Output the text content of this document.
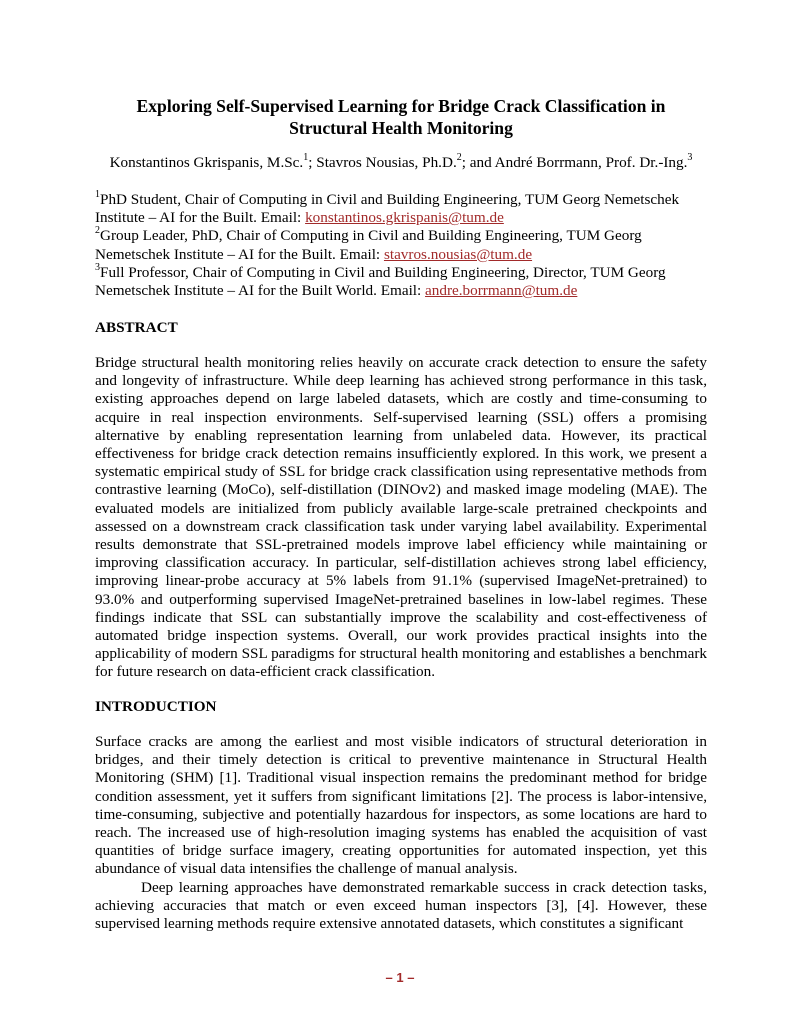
Exploring Self-Supervised Learning for Bridge Crack Classification in
Structural Health Monitoring
Konstantinos Gkrispanis, M.Sc.$^1$; Stavros Nousias, Ph.D.$^2$; and André Borrmann, Prof. Dr.-Ing.$^3$

$^1$PhD Student, Chair of Computing in Civil and Building Engineering, TUM Georg Nemetschek Institute – AI for the Built. Email: konstantinos.gkrispanis@tum.de

$^2$Group Leader, PhD, Chair of Computing in Civil and Building Engineering, TUM Georg Nemetschek Institute – AI for the Built. Email: stavros.nousias@tum.de

$^3$Full Professor, Chair of Computing in Civil and Building Engineering, Director, TUM Georg Nemetschek Institute – AI for the Built World. Email: andre.borrmann@tum.de

ABSTRACT

Bridge structural health monitoring relies heavily on accurate crack detection to ensure the safety and longevity of infrastructure. While deep learning has achieved strong performance in this task, existing approaches depend on large labeled datasets, which are costly and time-consuming to acquire in real inspection environments. Self-supervised learning (SSL) offers a promising alternative by enabling representation learning from unlabeled data. However, its practical effectiveness for bridge crack detection remains insufficiently explored. In this work, we present a systematic empirical study of SSL for bridge crack classification using representative methods from contrastive learning (MoCo), self-distillation (DINOv2) and masked image modeling (MAE). The evaluated models are initialized from publicly available large-scale pretrained checkpoints and assessed on a downstream crack classification task under varying label availability. Experimental results demonstrate that SSL-pretrained models improve label efficiency while maintaining or improving classification accuracy. In particular, self-distillation achieves strong label efficiency, improving linear-probe accuracy at 5% labels from 91.1% (supervised ImageNet-pretrained) to 93.0% and outperforming supervised ImageNet-pretrained baselines in low-label regimes. These findings indicate that SSL can substantially improve the scalability and cost-effectiveness of automated bridge inspection systems. Overall, our work provides practical insights into the applicability of modern SSL paradigms for structural health monitoring and establishes a benchmark for future research on data-efficient crack classification.

INTRODUCTION

Surface cracks are among the earliest and most visible indicators of structural deterioration in bridges, and their timely detection is critical to preventive maintenance in Structural Health Monitoring (SHM) [1]. Traditional visual inspection remains the predominant method for bridge condition assessment, yet it suffers from significant limitations [2]. The process is labor-intensive, time-consuming, subjective and potentially hazardous for inspectors, as some locations are hard to reach. The increased use of high-resolution imaging systems has enabled the acquisition of vast quantities of bridge surface imagery, creating opportunities for automated inspection, yet this abundance of visual data intensifies the challenge of manual analysis.

Deep learning approaches have demonstrated remarkable success in crack detection tasks, achieving accuracies that match or even exceed human inspectors [3], [4]. However, these supervised learning methods require extensive annotated datasets, which constitutes a significant

– 1 –
